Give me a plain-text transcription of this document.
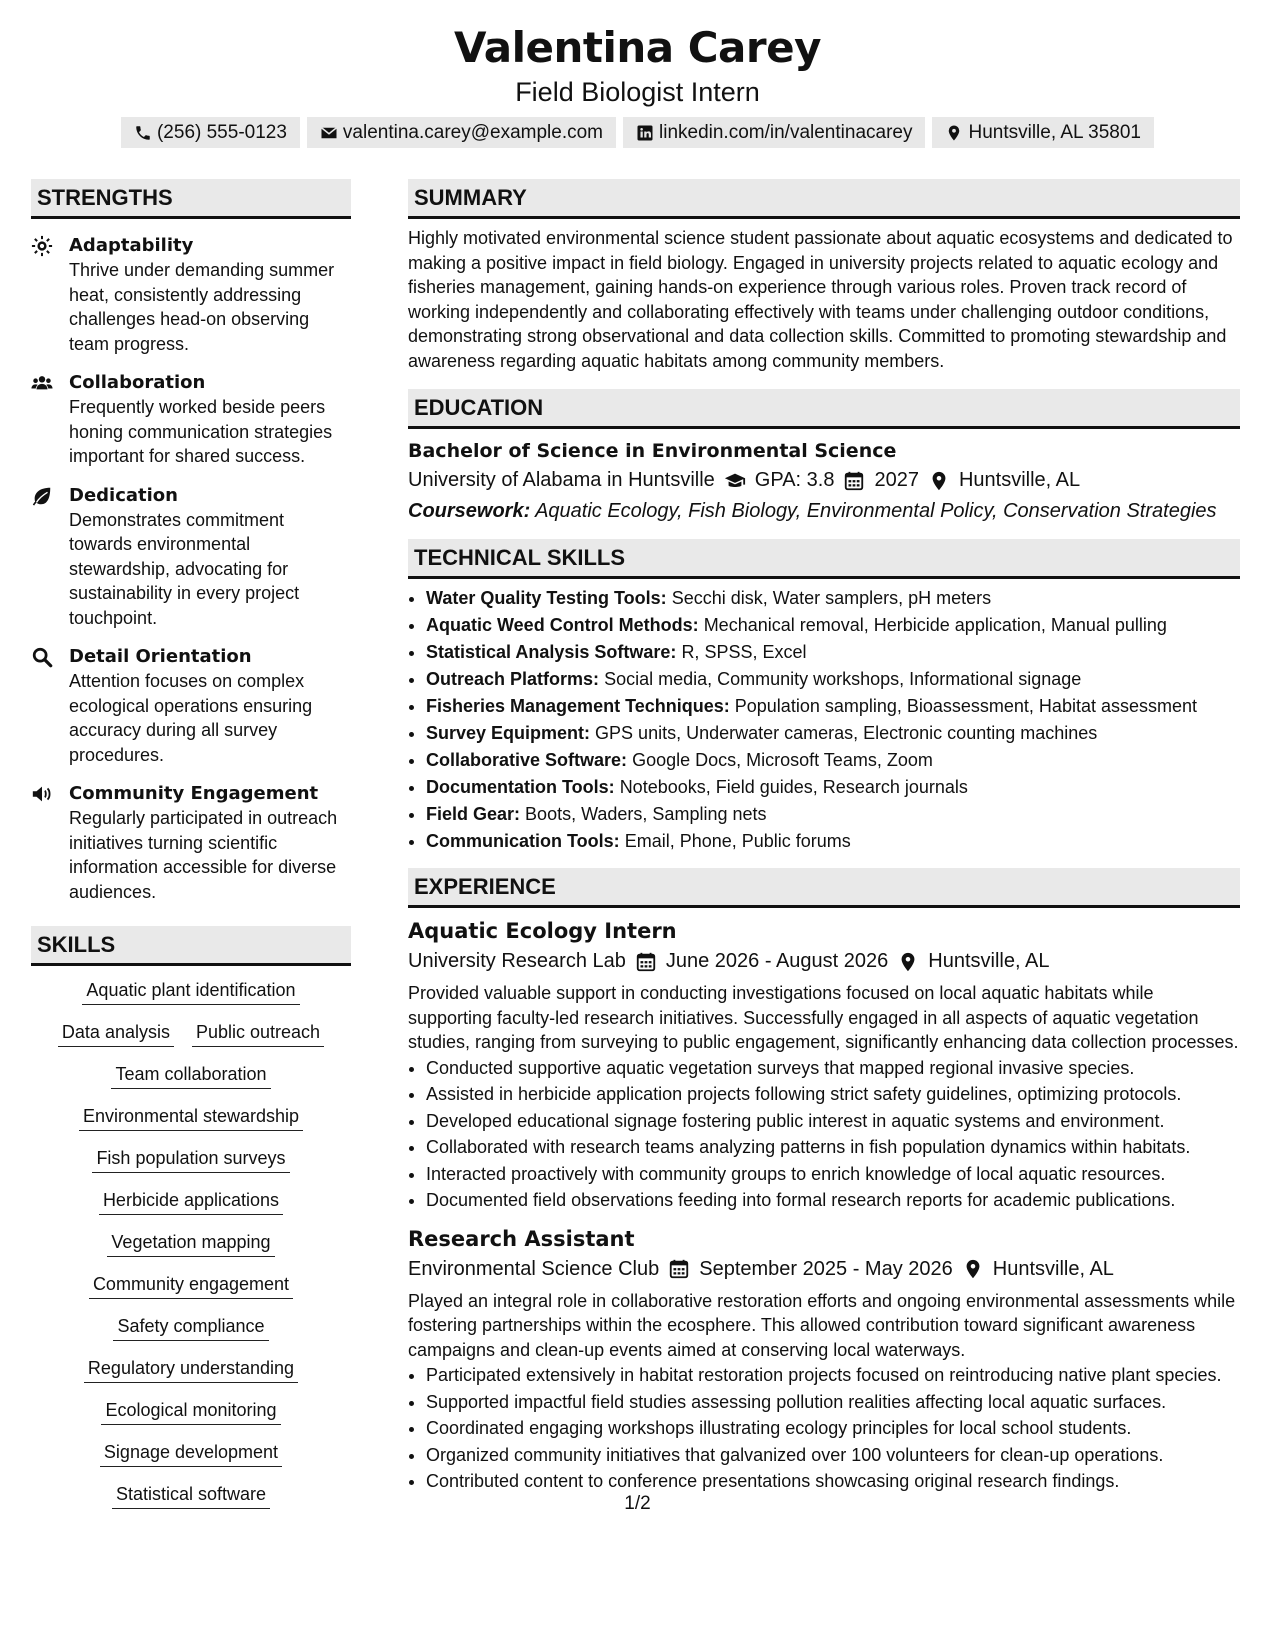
Valentina Carey
Field Biologist Intern
(256) 555-0123	valentina.carey@example.com	linkedin.com/in/valentinacarey	Huntsville, AL 35801
STRENGTHS
Adaptability
Thrive under demanding summer heat, consistently addressing challenges head-on observing team progress.
Collaboration
Frequently worked beside peers honing communication strategies important for shared success.
Dedication
Demonstrates commitment towards environmental stewardship, advocating for sustainability in every project touchpoint.
Detail Orientation
Attention focuses on complex ecological operations ensuring accuracy during all survey procedures.
Community Engagement
Regularly participated in outreach initiatives turning scientific information accessible for diverse audiences.
SKILLS
Aquatic plant identification
Data analysis Public outreach
Team collaboration
Environmental stewardship
Fish population surveys
Herbicide applications
Vegetation mapping
Community engagement
Safety compliance
Regulatory understanding
Ecological monitoring
Signage development
Statistical software
SUMMARY
Highly motivated environmental science student passionate about aquatic ecosystems and dedicated to making a positive impact in field biology. Engaged in university projects related to aquatic ecology and fisheries management, gaining hands-on experience through various roles. Proven track record of working independently and collaborating effectively with teams under challenging outdoor conditions, demonstrating strong observational and data collection skills. Committed to promoting stewardship and awareness regarding aquatic habitats among community members.
EDUCATION
Bachelor of Science in Environmental Science
University of Alabama in Huntsville GPA: 3.8 2027 Huntsville, AL
Coursework: Aquatic Ecology, Fish Biology, Environmental Policy, Conservation Strategies
TECHNICAL SKILLS
• Water Quality Testing Tools: Secchi disk, Water samplers, pH meters
• Aquatic Weed Control Methods: Mechanical removal, Herbicide application, Manual pulling
• Statistical Analysis Software: R, SPSS, Excel
• Outreach Platforms: Social media, Community workshops, Informational signage
• Fisheries Management Techniques: Population sampling, Bioassessment, Habitat assessment
• Survey Equipment: GPS units, Underwater cameras, Electronic counting machines
• Collaborative Software: Google Docs, Microsoft Teams, Zoom
• Documentation Tools: Notebooks, Field guides, Research journals
• Field Gear: Boots, Waders, Sampling nets
• Communication Tools: Email, Phone, Public forums
EXPERIENCE
Aquatic Ecology Intern
University Research Lab June 2026 - August 2026 Huntsville, AL
Provided valuable support in conducting investigations focused on local aquatic habitats while supporting faculty-led research initiatives. Successfully engaged in all aspects of aquatic vegetation studies, ranging from surveying to public engagement, significantly enhancing data collection processes.
• Conducted supportive aquatic vegetation surveys that mapped regional invasive species.
• Assisted in herbicide application projects following strict safety guidelines, optimizing protocols.
• Developed educational signage fostering public interest in aquatic systems and environment.
• Collaborated with research teams analyzing patterns in fish population dynamics within habitats.
• Interacted proactively with community groups to enrich knowledge of local aquatic resources.
• Documented field observations feeding into formal research reports for academic publications.
Research Assistant
Environmental Science Club September 2025 - May 2026 Huntsville, AL
Played an integral role in collaborative restoration efforts and ongoing environmental assessments while fostering partnerships within the ecosphere. This allowed contribution toward significant awareness campaigns and clean-up events aimed at conserving local waterways.
• Participated extensively in habitat restoration projects focused on reintroducing native plant species.
• Supported impactful field studies assessing pollution realities affecting local aquatic surfaces.
• Coordinated engaging workshops illustrating ecology principles for local school students.
• Organized community initiatives that galvanized over 100 volunteers for clean-up operations.
• Contributed content to conference presentations showcasing original research findings.
1/2
